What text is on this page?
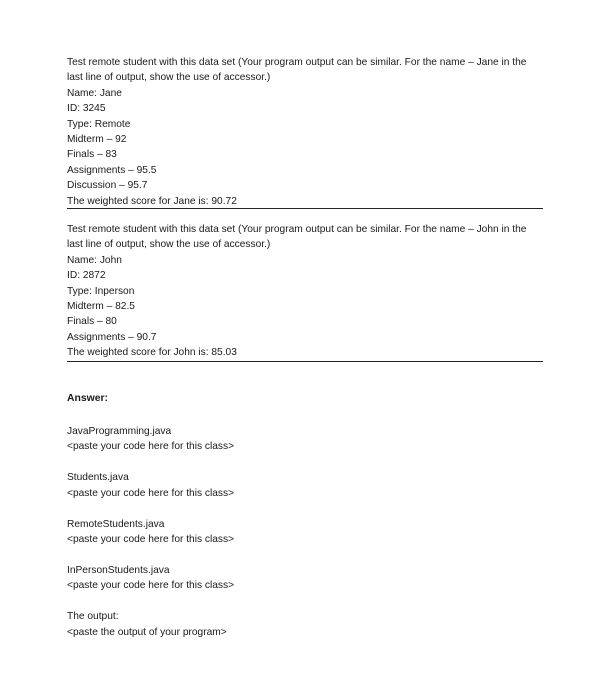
Test remote student with this data set (Your program output can be similar. For the name – Jane in the last line of output, show the use of accessor.)
Name: Jane
ID: 3245
Type: Remote
Midterm – 92
Finals – 83
Assignments – 95.5
Discussion – 95.7
The weighted score for Jane is: 90.72
Test remote student with this data set (Your program output can be similar. For the name – John in the last line of output, show the use of accessor.)
Name: John
ID: 2872
Type: Inperson
Midterm – 82.5
Finals – 80
Assignments – 90.7
The weighted score for John is: 85.03
Answer:
JavaProgramming.java
<paste your code here for this class>
Students.java
<paste your code here for this class>
RemoteStudents.java
<paste your code here for this class>
InPersonStudents.java
<paste your code here for this class>
The output:
<paste the output of your program>
